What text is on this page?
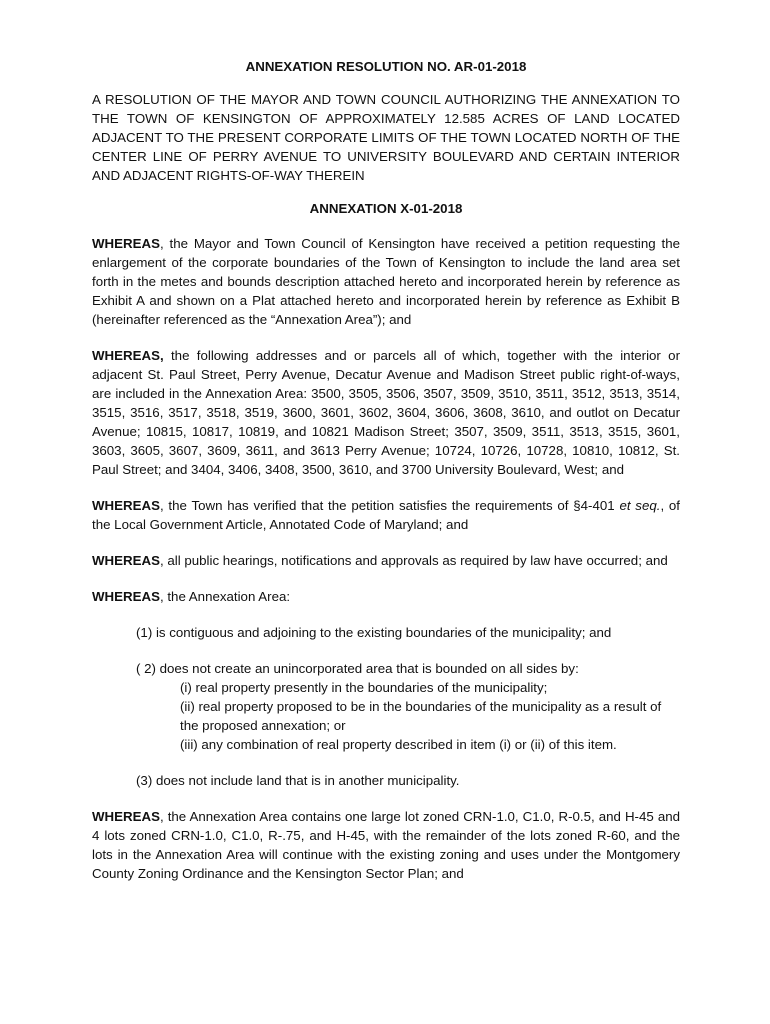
ANNEXATION RESOLUTION NO. AR-01-2018
A RESOLUTION OF THE MAYOR AND TOWN COUNCIL AUTHORIZING THE ANNEXATION TO THE TOWN OF KENSINGTON OF APPROXIMATELY 12.585 ACRES OF LAND LOCATED ADJACENT TO THE PRESENT CORPORATE LIMITS OF THE TOWN LOCATED NORTH OF THE CENTER LINE OF PERRY AVENUE TO UNIVERSITY BOULEVARD AND CERTAIN INTERIOR AND ADJACENT RIGHTS-OF-WAY THEREIN
ANNEXATION X-01-2018

WHEREAS, the Mayor and Town Council of Kensington have received a petition requesting the enlargement of the corporate boundaries of the Town of Kensington to include the land area set forth in the metes and bounds description attached hereto and incorporated herein by reference as Exhibit A and shown on a Plat attached hereto and incorporated herein by reference as Exhibit B (hereinafter referenced as the “Annexation Area”); and

WHEREAS, the following addresses and or parcels all of which, together with the interior or adjacent St. Paul Street, Perry Avenue, Decatur Avenue and Madison Street public right-of-ways, are included in the Annexation Area: 3500, 3505, 3506, 3507, 3509, 3510, 3511, 3512, 3513, 3514, 3515, 3516, 3517, 3518, 3519, 3600, 3601, 3602, 3604, 3606, 3608, 3610, and outlot on Decatur Avenue; 10815, 10817, 10819, and 10821 Madison Street; 3507, 3509, 3511, 3513, 3515, 3601, 3603, 3605, 3607, 3609, 3611, and 3613 Perry Avenue; 10724, 10726, 10728, 10810, 10812, St. Paul Street; and 3404, 3406, 3408, 3500, 3610, and 3700 University Boulevard, West; and

WHEREAS, the Town has verified that the petition satisfies the requirements of §4-401 et seq., of the Local Government Article, Annotated Code of Maryland; and

WHEREAS, all public hearings, notifications and approvals as required by law have occurred; and

WHEREAS, the Annexation Area:

(1) is contiguous and adjoining to the existing boundaries of the municipality; and
( 2) does not create an unincorporated area that is bounded on all sides by:
(i) real property presently in the boundaries of the municipality;
(ii) real property proposed to be in the boundaries of the municipality as a result of the proposed annexation; or
(iii) any combination of real property described in item (i) or (ii) of this item.
(3) does not include land that is in another municipality.

WHEREAS, the Annexation Area contains one large lot zoned CRN-1.0, C1.0, R-0.5, and H-45 and 4 lots zoned CRN-1.0, C1.0, R-.75, and H-45, with the remainder of the lots zoned R-60, and the lots in the Annexation Area will continue with the existing zoning and uses under the Montgomery County Zoning Ordinance and the Kensington Sector Plan; and
